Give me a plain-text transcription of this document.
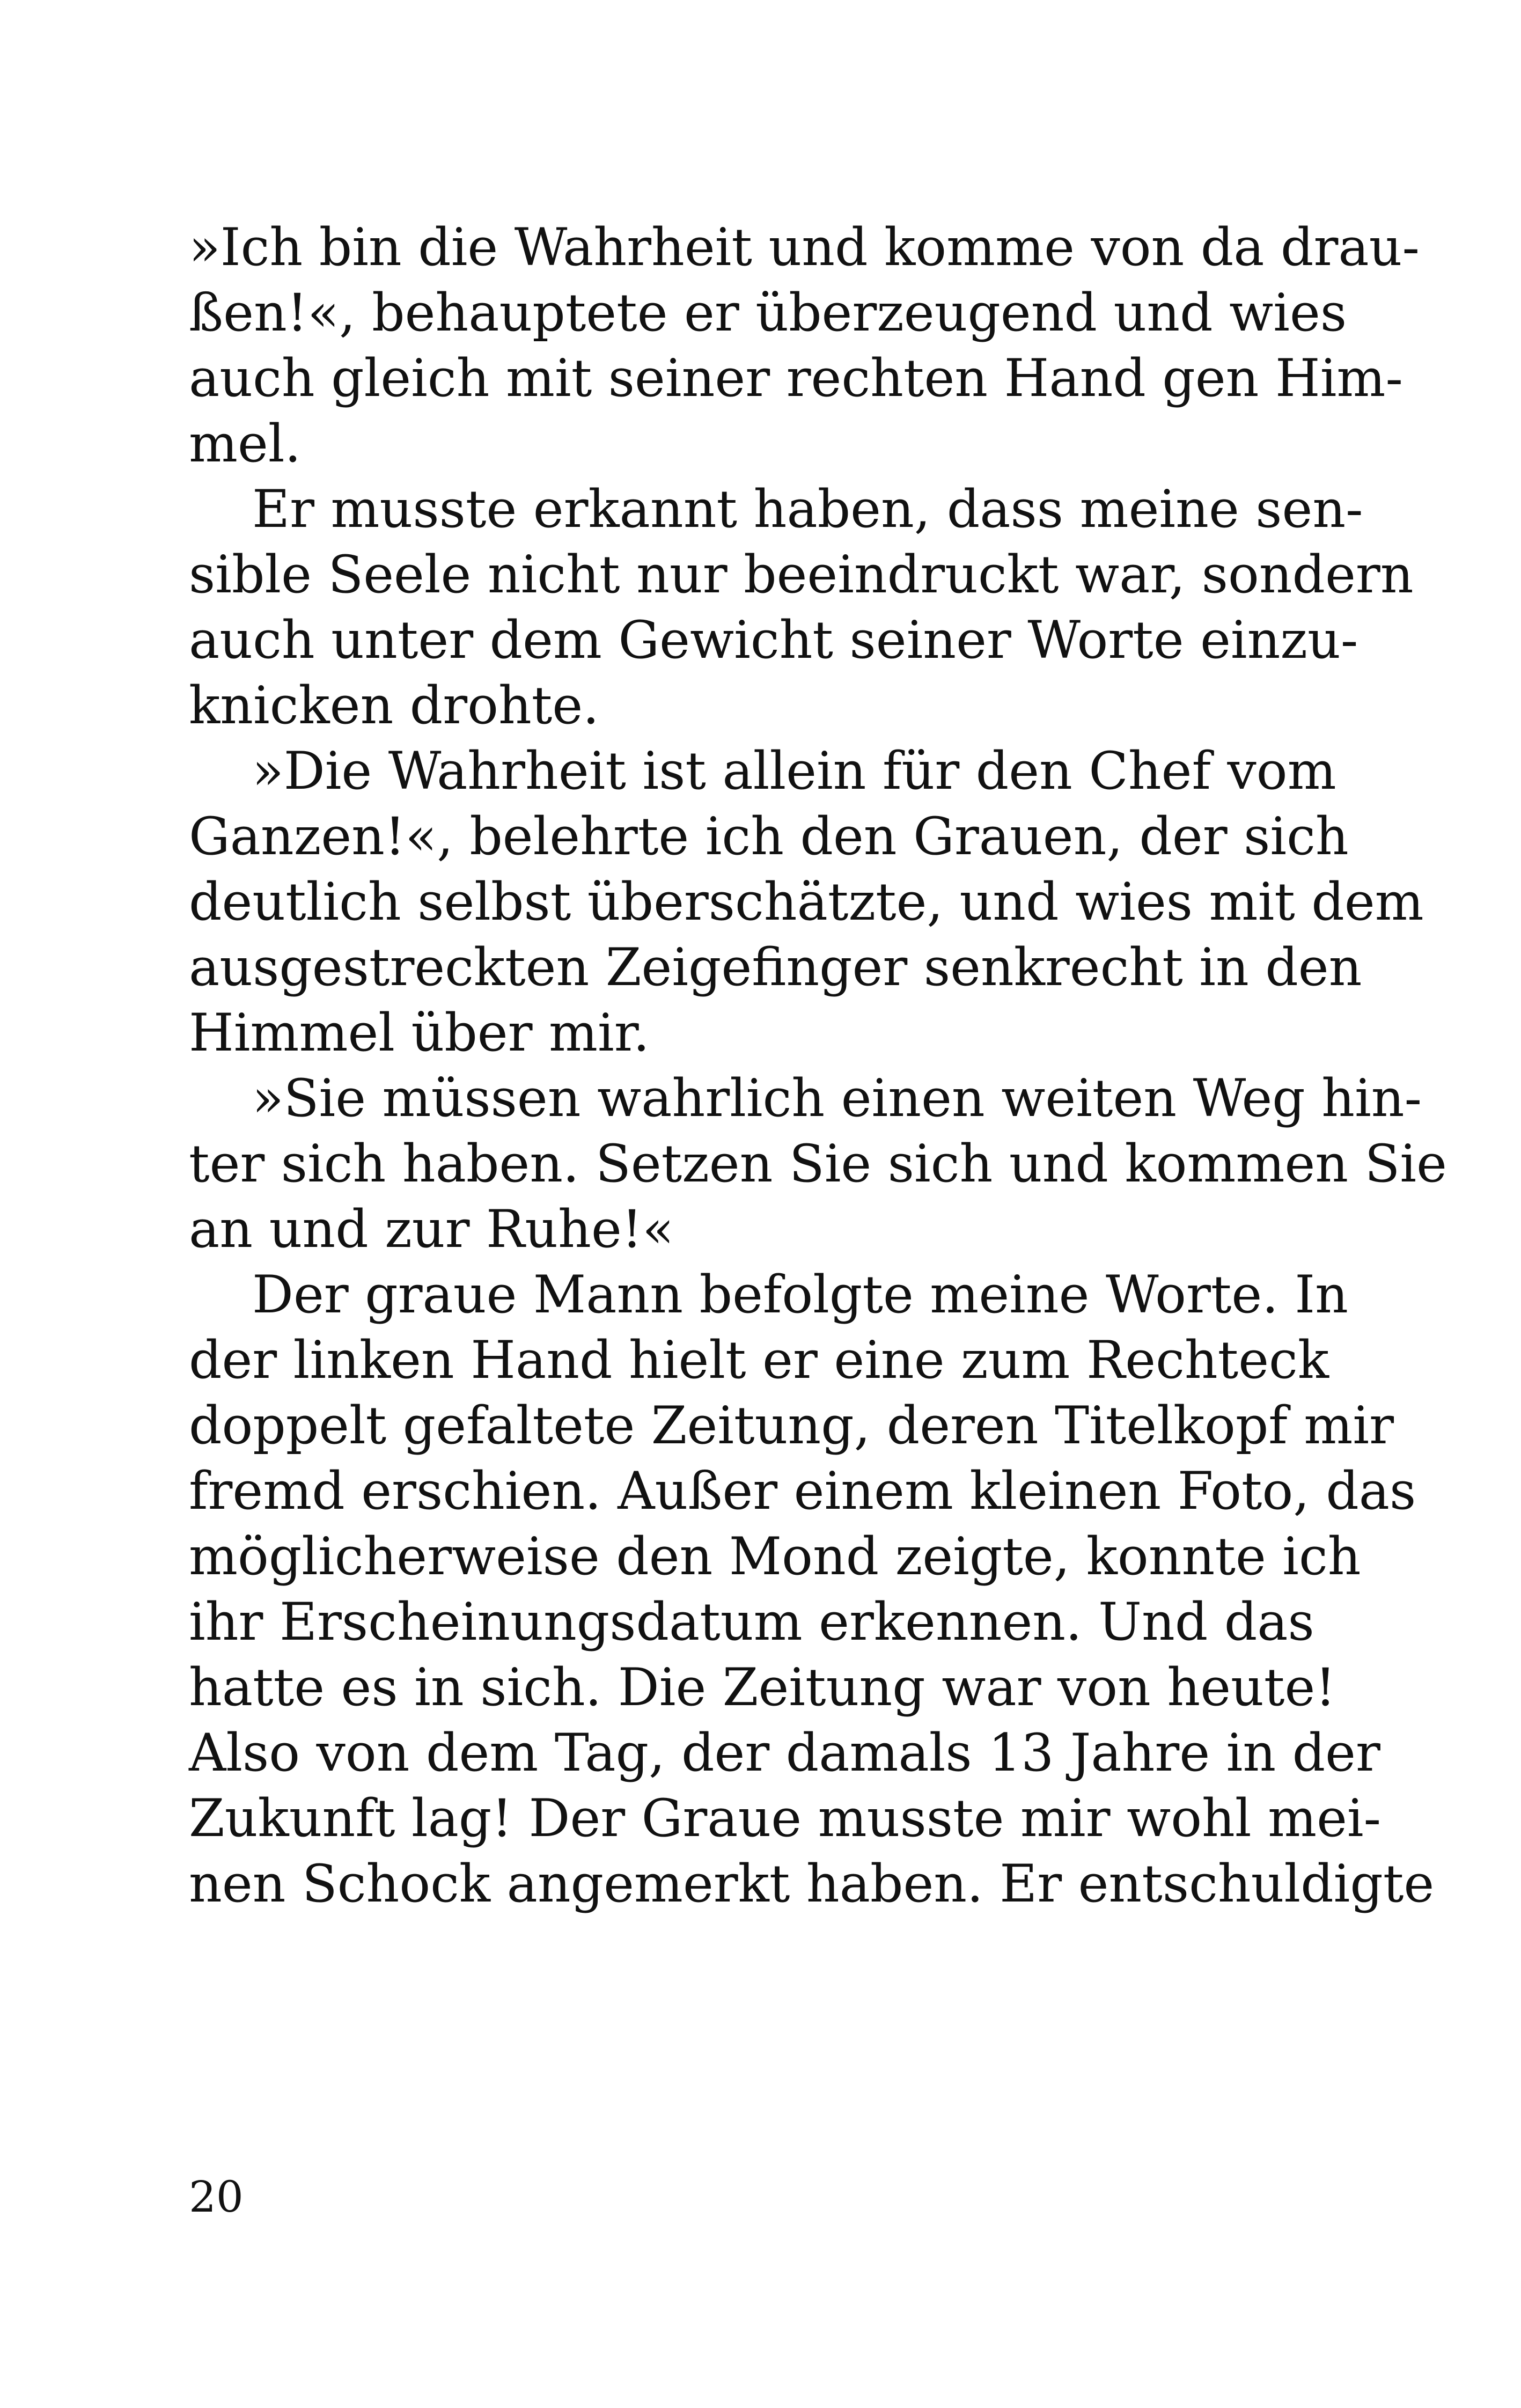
»Ich bin die Wahrheit und komme von da drau-
ßen!«, behauptete er überzeugend und wies
auch gleich mit seiner rechten Hand gen Him-
mel.
Er musste erkannt haben, dass meine sen-
sible Seele nicht nur beeindruckt war, sondern
auch unter dem Gewicht seiner Worte einzu-
knicken drohte.
»Die Wahrheit ist allein für den Chef vom
Ganzen!«, belehrte ich den Grauen, der sich
deutlich selbst überschätzte, und wies mit dem
ausgestreckten Zeigefinger senkrecht in den
Himmel über mir.
»Sie müssen wahrlich einen weiten Weg hin-
ter sich haben. Setzen Sie sich und kommen Sie
an und zur Ruhe!«
Der graue Mann befolgte meine Worte. In
der linken Hand hielt er eine zum Rechteck
doppelt gefaltete Zeitung, deren Titelkopf mir
fremd erschien. Außer einem kleinen Foto, das
möglicherweise den Mond zeigte, konnte ich
ihr Erscheinungsdatum erkennen. Und das
hatte es in sich. Die Zeitung war von heute!
Also von dem Tag, der damals 13 Jahre in der
Zukunft lag! Der Graue musste mir wohl mei-
nen Schock angemerkt haben. Er entschuldigte
20
